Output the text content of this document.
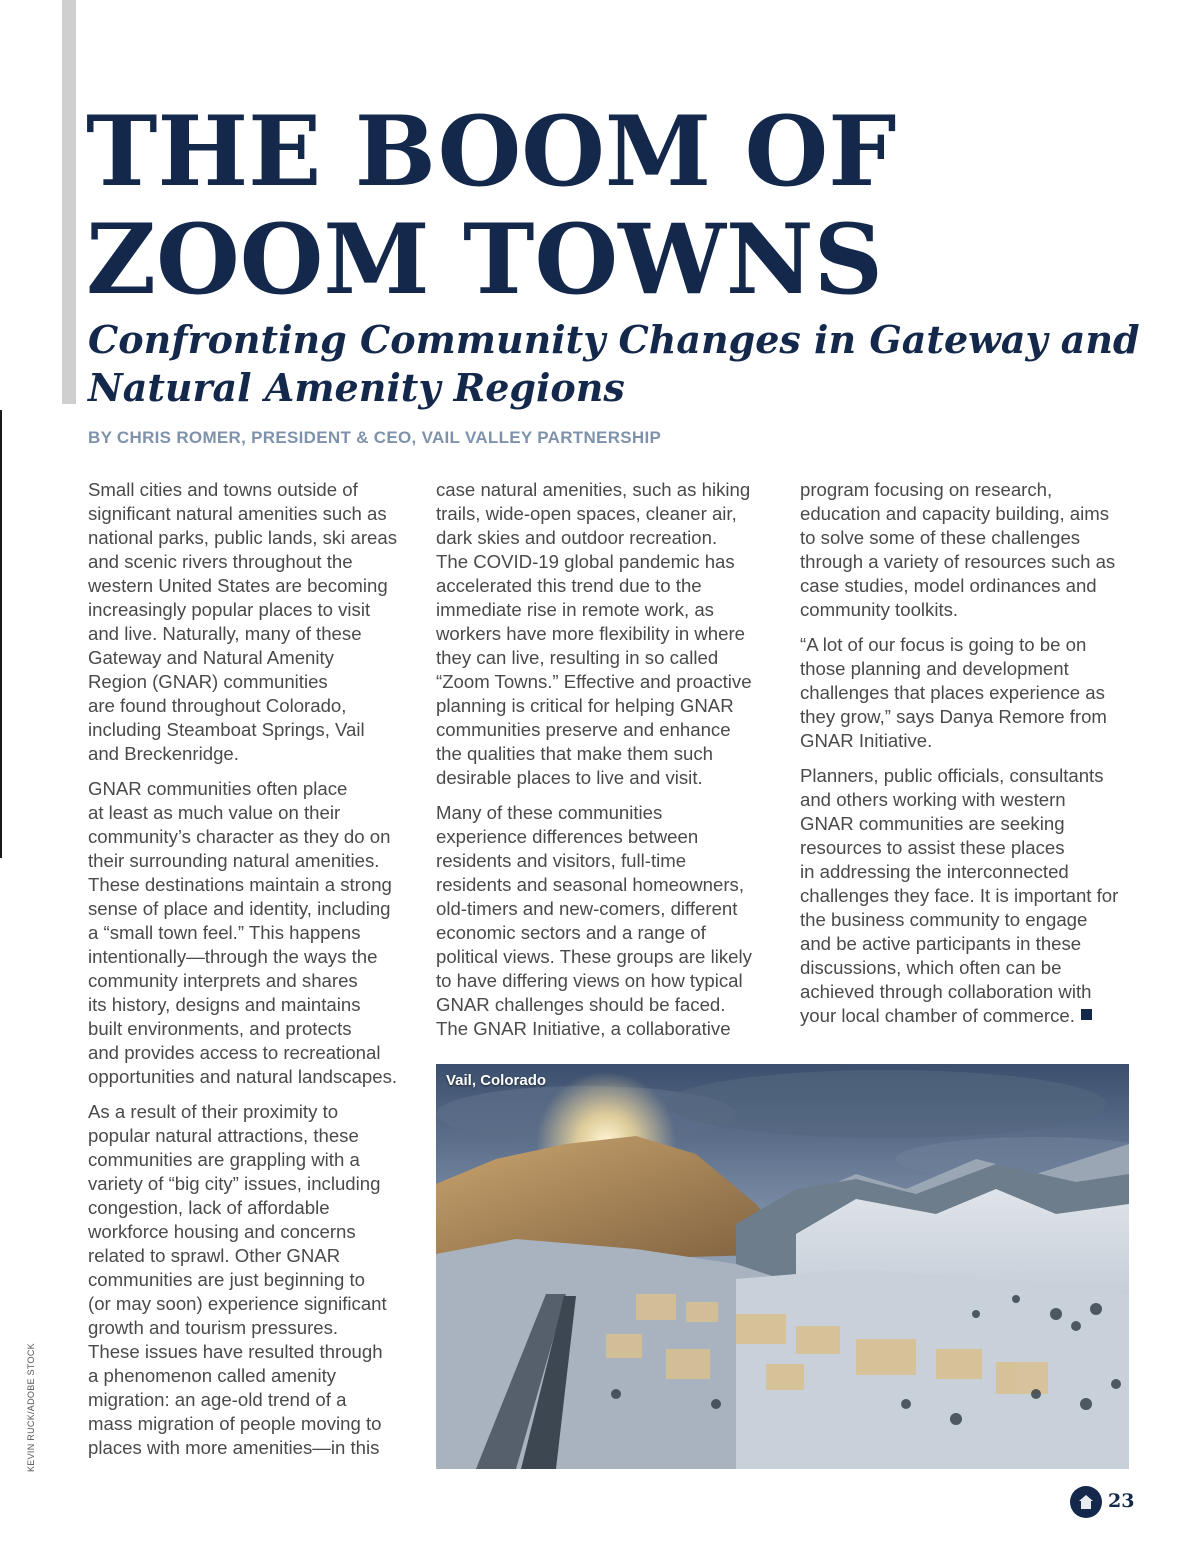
THE BOOM OF
ZOOM TOWNS
Confronting Community Changes in Gateway and
Natural Amenity Regions
BY CHRIS ROMER, PRESIDENT & CEO, VAIL VALLEY PARTNERSHIP

Small cities and towns outside of
significant natural amenities such as
national parks, public lands, ski areas
and scenic rivers throughout the
western United States are becoming
increasingly popular places to visit
and live. Naturally, many of these
Gateway and Natural Amenity
Region (GNAR) communities
are found throughout Colorado,
including Steamboat Springs, Vail
and Breckenridge.

GNAR communities often place
at least as much value on their
community’s character as they do on
their surrounding natural amenities.
These destinations maintain a strong
sense of place and identity, including
a “small town feel.” This happens
intentionally—through the ways the
community interprets and shares
its history, designs and maintains
built environments, and protects
and provides access to recreational
opportunities and natural landscapes.

As a result of their proximity to
popular natural attractions, these
communities are grappling with a
variety of “big city” issues, including
congestion, lack of affordable
workforce housing and concerns
related to sprawl. Other GNAR
communities are just beginning to
(or may soon) experience significant
growth and tourism pressures.
These issues have resulted through
a phenomenon called amenity
migration: an age-old trend of a
mass migration of people moving to
places with more amenities—in this

case natural amenities, such as hiking
trails, wide-open spaces, cleaner air,
dark skies and outdoor recreation.
The COVID-19 global pandemic has
accelerated this trend due to the
immediate rise in remote work, as
workers have more flexibility in where
they can live, resulting in so called
“Zoom Towns.” Effective and proactive
planning is critical for helping GNAR
communities preserve and enhance
the qualities that make them such
desirable places to live and visit.

Many of these communities
experience differences between
residents and visitors, full-time
residents and seasonal homeowners,
old-timers and new-comers, different
economic sectors and a range of
political views. These groups are likely
to have differing views on how typical
GNAR challenges should be faced.
The GNAR Initiative, a collaborative

program focusing on research,
education and capacity building, aims
to solve some of these challenges
through a variety of resources such as
case studies, model ordinances and
community toolkits.

“A lot of our focus is going to be on
those planning and development
challenges that places experience as
they grow,” says Danya Remore from
GNAR Initiative.

Planners, public officials, consultants
and others working with western
GNAR communities are seeking
resources to assist these places
in addressing the interconnected
challenges they face. It is important for
the business community to engage
and be active participants in these
discussions, which often can be
achieved through collaboration with
your local chamber of commerce.

Vail, Colorado
KEVIN RUCK/ADOBE STOCK
23
